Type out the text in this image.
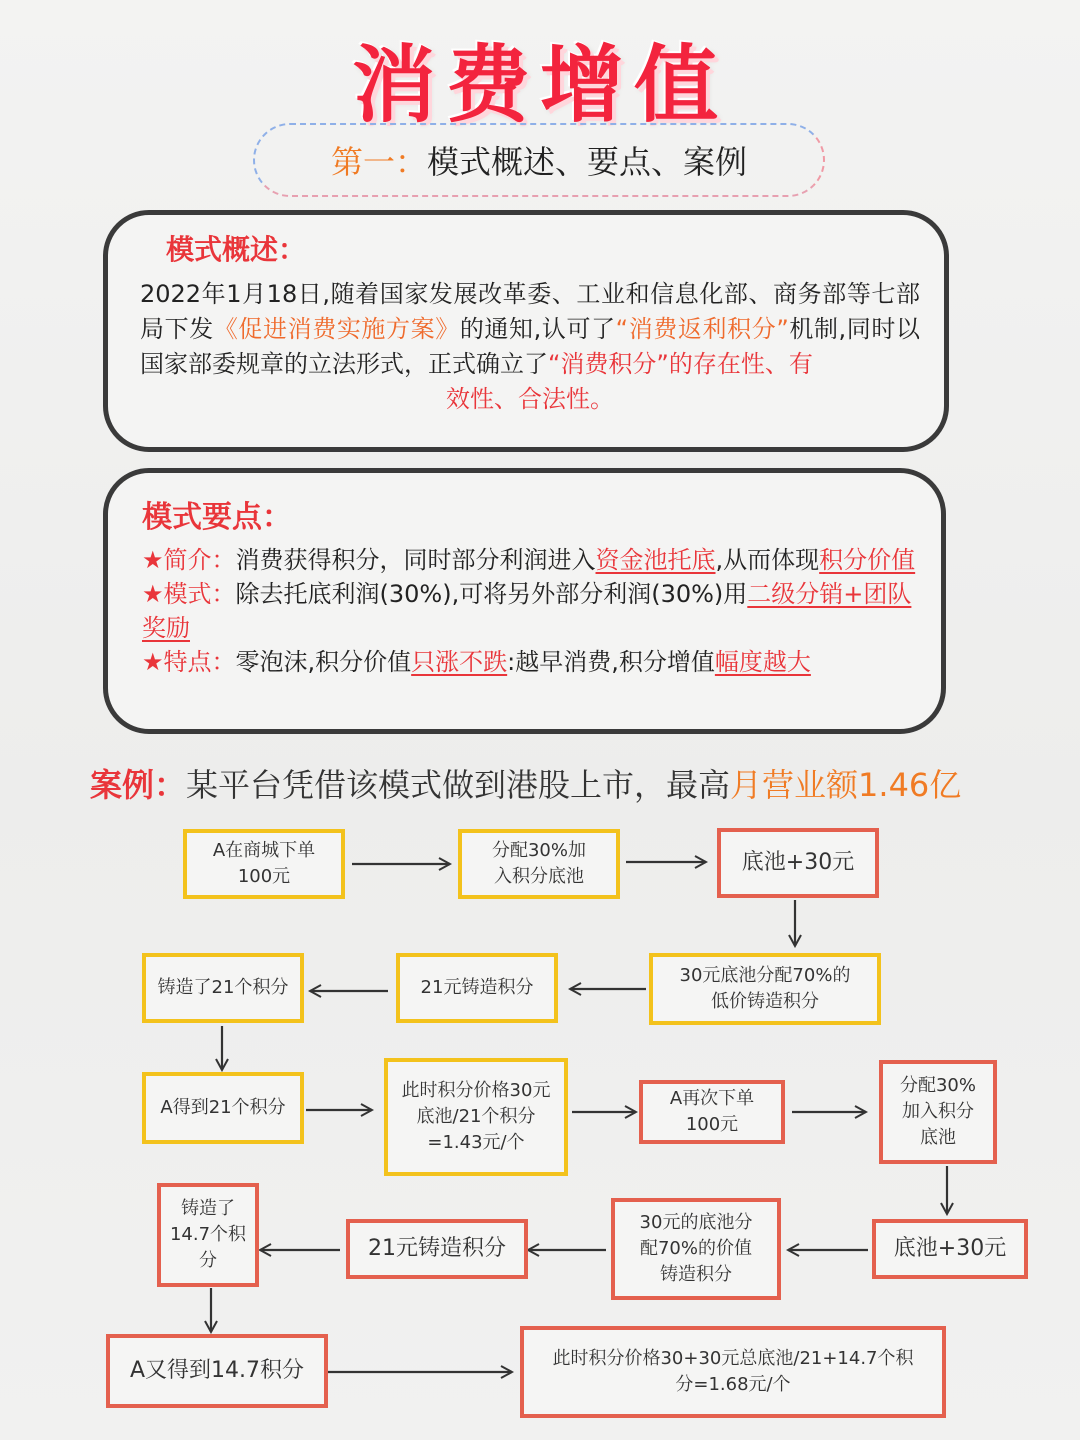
消费增值
第一： 模式概述、要点、案例
模式概述：
2022年1月18日,随着国家发展改革委、工业和信息化部、商务部等七部局下发《促进消费实施方案》的通知,认可了“消费返利积分”机制,同时以国家部委规章的立法形式，正式确立了“消费积分”的存在性、有
效性、合法性。
模式要点：
★简介：消费获得积分，同时部分利润进入资金池托底,从而体现积分价值
★模式：除去托底利润(30%),可将另外部分利润(30%)用二级分销+团队奖励
★特点：零泡沫,积分价值只涨不跌:越早消费,积分增值幅度越大
案例：某平台凭借该模式做到港股上市，最高月营业额1.46亿
A在商城下单
100元
分配30%加
入积分底池
底池+30元
30元底池分配70%的
低价铸造积分
21元铸造积分
铸造了21个积分
A得到21个积分
此时积分价格30元
底池/21个积分
=1.43元/个
A再次下单
100元
分配30%
加入积分
底池
底池+30元
30元的底池分
配70%的价值
铸造积分
21元铸造积分
铸造了
14.7个积
分
A又得到14.7积分	此时积分价格30+30元总底池/21+14.7个积
分=1.68元/个
